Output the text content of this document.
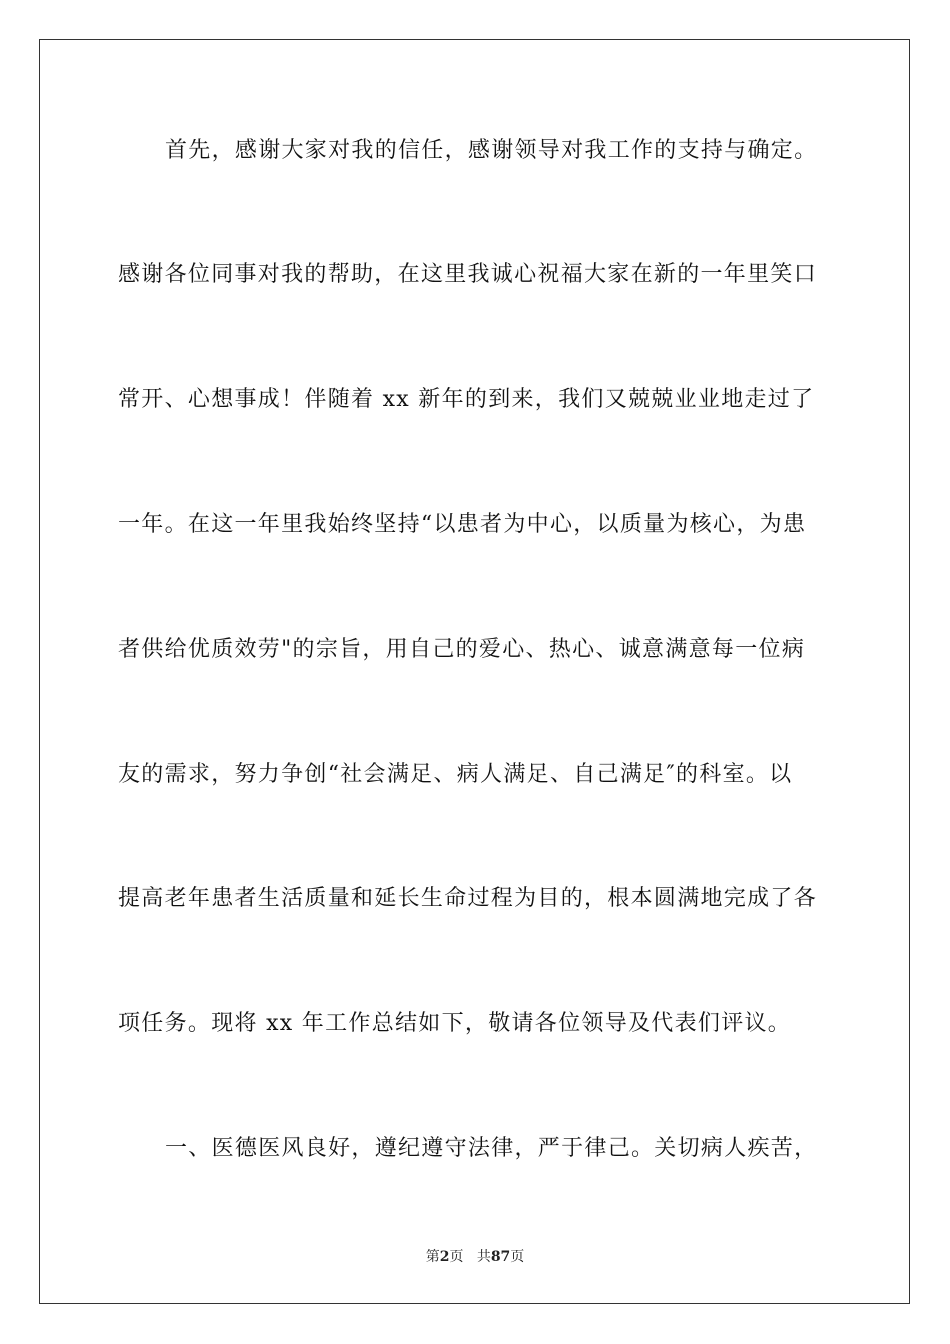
首先，感谢大家对我的信任，感谢领导对我工作的支持与确定。
感谢各位同事对我的帮助，在这里我诚心祝福大家在新的一年里笑口
常开、心想事成！伴随着 xx 新年的到来，我们又兢兢业业地走过了
一年。在这一年里我始终坚持“以患者为中心，以质量为核心，为患
者供给优质效劳"的宗旨，用自己的爱心、热心、诚意满意每一位病
友的需求，努力争创“社会满足、病人满足、自己满足″的科室。以
提高老年患者生活质量和延长生命过程为目的，根本圆满地完成了各
项任务。现将 xx 年工作总结如下，敬请各位领导及代表们评议。
一、医德医风良好，遵纪遵守法律，严于律己。关切病人疾苦，
第2页 共87页
